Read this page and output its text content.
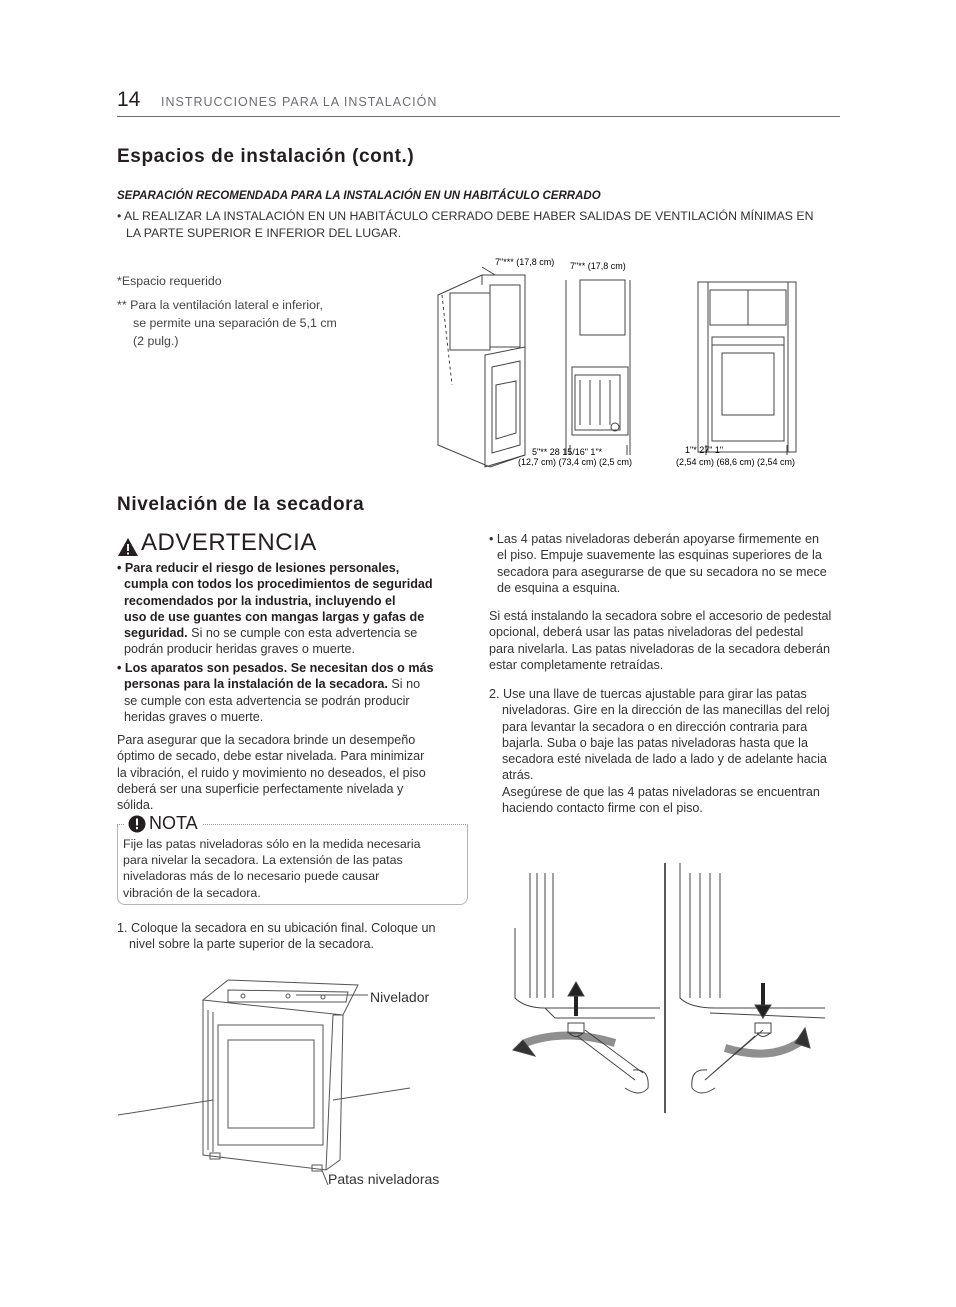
14 INSTRUCCIONES PARA LA INSTALACIÓN
Espacios de instalación (cont.)
SEPARACIÓN RECOMENDADA PARA LA INSTALACIÓN EN UN HABITÁCULO CERRADO
• AL REALIZAR LA INSTALACIÓN EN UN HABITÁCULO CERRADO DEBE HABER SALIDAS DE VENTILACIÓN MÍNIMAS EN
LA PARTE SUPERIOR E INFERIOR DEL LUGAR.
*Espacio requerido
** Para la ventilación lateral e inferior,
se permite una separación de 5,1 cm
(2 pulg.)
7"*** (17,8 cm) 7"** (17,8 cm)
5"** 28 15/16" 1"*
(12,7 cm) (73,4 cm) (2,5 cm)
1"* 27" 1"
(2,54 cm) (68,6 cm) (2,54 cm)
Nivelación de la secadora
ADVERTENCIA
• Para reducir el riesgo de lesiones personales,
cumpla con todos los procedimientos de seguridad
recomendados por la industria, incluyendo el
uso de use guantes con mangas largas y gafas de
seguridad. Si no se cumple con esta advertencia se
podrán producir heridas graves o muerte.
• Los aparatos son pesados. Se necesitan dos o más
personas para la instalación de la secadora. Si no
se cumple con esta advertencia se podrán producir
heridas graves o muerte.
Para asegurar que la secadora brinde un desempeño
óptimo de secado, debe estar nivelada. Para minimizar
la vibración, el ruido y movimiento no deseados, el piso
deberá ser una superficie perfectamente nivelada y
sólida.
NOTA
Fije las patas niveladoras sólo en la medida necesaria
para nivelar la secadora. La extensión de las patas
niveladoras más de lo necesario puede causar
vibración de la secadora.
1. Coloque la secadora en su ubicación final. Coloque un
nivel sobre la parte superior de la secadora.
Nivelador
Patas niveladoras
• Las 4 patas niveladoras deberán apoyarse firmemente en
el piso. Empuje suavemente las esquinas superiores de la
secadora para asegurarse de que su secadora no se mece
de esquina a esquina.
Si está instalando la secadora sobre el accesorio de pedestal
opcional, deberá usar las patas niveladoras del pedestal
para nivelarla. Las patas niveladoras de la secadora deberán
estar completamente retraídas.
2. Use una llave de tuercas ajustable para girar las patas
niveladoras. Gire en la dirección de las manecillas del reloj
para levantar la secadora o en dirección contraria para
bajarla. Suba o baje las patas niveladoras hasta que la
secadora esté nivelada de lado a lado y de adelante hacia
atrás.
Asegúrese de que las 4 patas niveladoras se encuentran
haciendo contacto firme con el piso.
